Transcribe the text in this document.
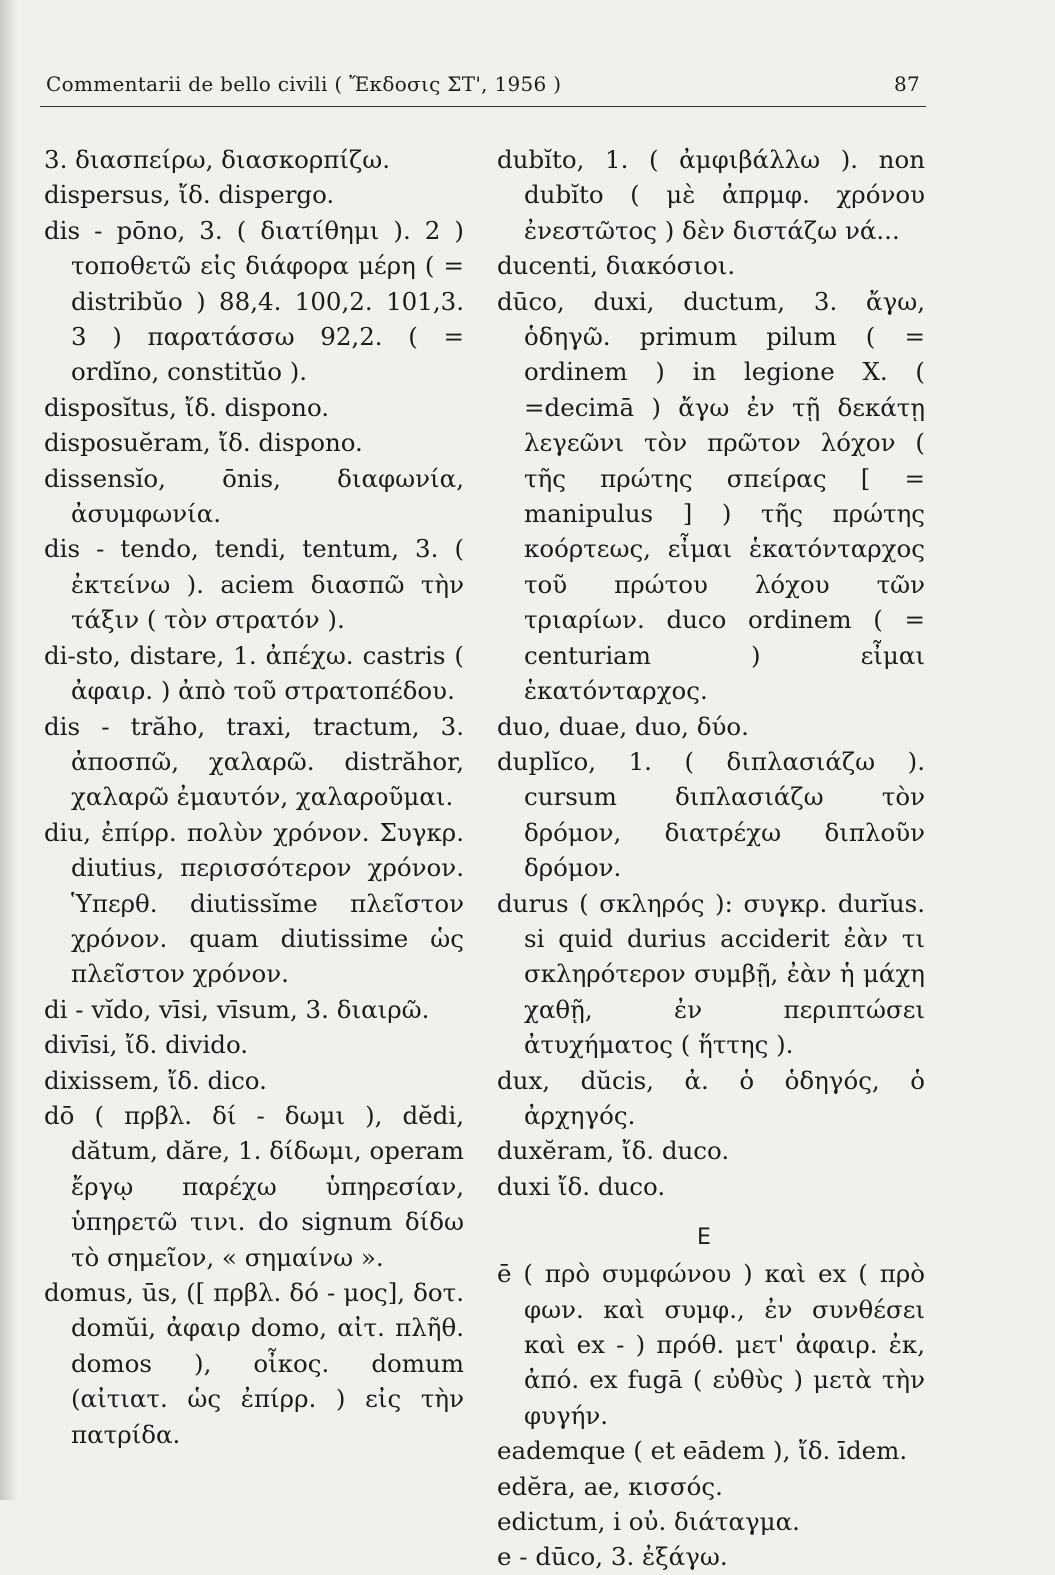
Commentarii de bello civili ( Ἔκδοσις ΣΤ', 1956 )	87

3. διασπείρω, διασκορπίζω.

dispersus, ἴδ. dispergo.

dis - pōno, 3. ( διατίθημι ). 2 ) τοποθετῶ εἰς διάφορα μέρη ( = distribŭo ) 88,4. 100,2. 101,3. 3 ) παρατάσσω 92,2. ( = ordĭno, constitŭo ).

disposĭtus, ἴδ. dispono.

disposuĕram, ἴδ. dispono.

dissensĭo, ōnis, διαφωνία, ἀσυμφωνία.

dis - tendo, tendi, tentum, 3. ( ἐκτείνω ). aciem διασπῶ τὴν τάξιν ( τὸν στρατόν ).

di-sto, distare, 1. ἀπέχω. castris ( ἀφαιρ. ) ἀπὸ τοῦ στρατοπέδου.

dis - trăho, traxi, tractum, 3. ἀποσπῶ, χαλαρῶ. distrăhor, χαλαρῶ ἐμαυτόν, χαλαροῦμαι.

diu, ἐπίρρ. πολὺν χρόνον. Συγκρ. diutius, περισσότερον χρόνον. Ὑπερθ. diutissĭme πλεῖστον χρόνον. quam diutissime ὡς πλεῖστον χρόνον.

di - vĭdo, vīsi, vīsum, 3. διαιρῶ.

divīsi, ἴδ. divido.

dixissem, ἴδ. dico.

dō ( πρβλ. δί - δωμι ), dĕdi, dătum, dăre, 1. δίδωμι, operam ἔργῳ παρέχω ὑπηρεσίαν, ὑπηρετῶ τινι. do signum δίδω τὸ σημεῖον, « σημαίνω ».

domus, ūs, ([ πρβλ. δό - μος], δοτ. domŭi, ἀφαιρ domo, αἰτ. πλῆθ. domos ), οἶκος. domum (αἰτιατ. ὡς ἐπίρρ. ) εἰς τὴν πατρίδα.

dubĭto, 1. ( ἀμφιβάλλω ). non dubĭto ( μὲ ἀπρμφ. χρόνου ἐνεστῶτος ) δὲν διστάζω νά...

ducenti, διακόσιοι.

dūco, duxi, ductum, 3. ἄγω, ὁδηγῶ. primum pilum ( = ordinem ) in legione X. ( =decimā ) ἄγω ἐν τῇ δεκάτῃ λεγεῶνι τὸν πρῶτον λόχον ( τῆς πρώτης σπείρας [ = manipulus ] ) τῆς πρώτης κοόρτεως, εἶμαι ἑκατόνταρχος τοῦ πρώτου λόχου τῶν τριαρίων. duco ordinem ( = centuriam ) εἶμαι ἑκατόνταρχος.

duo, duae, duo, δύο.

duplĭco, 1. ( διπλασιάζω ). cursum διπλασιάζω τὸν δρόμον, διατρέχω διπλοῦν δρόμον.

durus ( σκληρός ): συγκρ. durĭus. si quid durius acciderit ἐὰν τι σκληρότερον συμβῇ, ἐὰν ἡ μάχη χαθῇ, ἐν περιπτώσει ἀτυχήματος ( ἥττης ).

dux, dŭcis, ἀ. ὁ ὁδηγός, ὁ ἀρχηγός.

duxĕram, ἴδ. duco.

duxi ἴδ. duco.

E

ē ( πρὸ συμφώνου ) καὶ ex ( πρὸ φων. καὶ συμφ., ἐν συνθέσει καὶ ex - ) πρόθ. μετ' ἀφαιρ. ἐκ, ἀπό. ex fugā ( εὐθὺς ) μετὰ τὴν φυγήν.

eademque ( et eādem ), ἴδ. īdem.

edĕra, ae, κισσός.

edictum, i οὐ. διάταγμα.

e - dūco, 3. ἐξάγω.
